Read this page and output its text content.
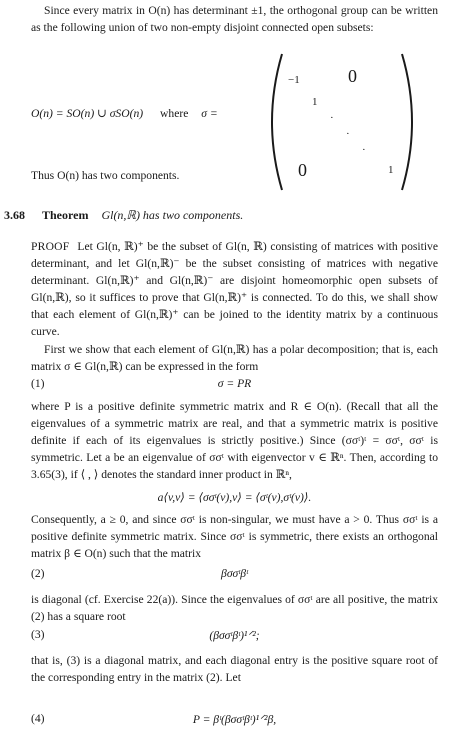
Since every matrix in O(n) has determinant ±1, the orthogonal group can be written as the following union of two non-empty disjoint connected open subsets:

O(n) = SO(n) ∪ σSO(n) where σ =
−1	0
1
·
·
·
0	1

Thus O(n) has two components.

3.68 Theorem Gl(n,ℝ) has two components.

PROOF Let Gl(n, ℝ)⁺ be the subset of Gl(n, ℝ) consisting of matrices with positive determinant, and let Gl(n,ℝ)⁻ be the subset consisting of matrices with negative determinant. Gl(n,ℝ)⁺ and Gl(n,ℝ)⁻ are disjoint homeomorphic open subsets of Gl(n,ℝ), so it suffices to prove that Gl(n,ℝ)⁺ is connected. To do this, we shall show that each element of Gl(n,ℝ)⁺ can be joined to the identity matrix by a continuous curve.

First we show that each element of Gl(n,ℝ) has a polar decomposition; that is, each matrix σ ∈ Gl(n,ℝ) can be expressed in the form

(1)	σ = PR

where P is a positive definite symmetric matrix and R ∈ O(n). (Recall that all the eigenvalues of a symmetric matrix are real, and that a symmetric matrix is positive definite if each of its eigenvalues is strictly positive.) Since (σσᵗ)ᵗ = σσᵗ, σσᵗ is symmetric. Let a be an eigenvalue of σσᵗ with eigenvector v ∈ ℝⁿ. Then, according to 3.65(3), if ⟨ , ⟩ denotes the standard inner product in ℝⁿ,

a⟨v,v⟩ = ⟨σσᵗ(v),v⟩ = ⟨σᵗ(v),σᵗ(v)⟩.

Consequently, a ≥ 0, and since σσᵗ is non-singular, we must have a > 0. Thus σσᵗ is a positive definite symmetric matrix. Since σσᵗ is symmetric, there exists an orthogonal matrix β ∈ O(n) such that the matrix

(2)	βσσᵗβᵗ

is diagonal (cf. Exercise 22(a)). Since the eigenvalues of σσᵗ are all positive, the matrix (2) has a square root

(3)	(βσσᵗβᵗ)¹ᐟ²;

that is, (3) is a diagonal matrix, and each diagonal entry is the positive square root of the corresponding entry in the matrix (2). Let

(4)	P = βᵗ(βσσᵗβᵗ)¹ᐟ²β,
